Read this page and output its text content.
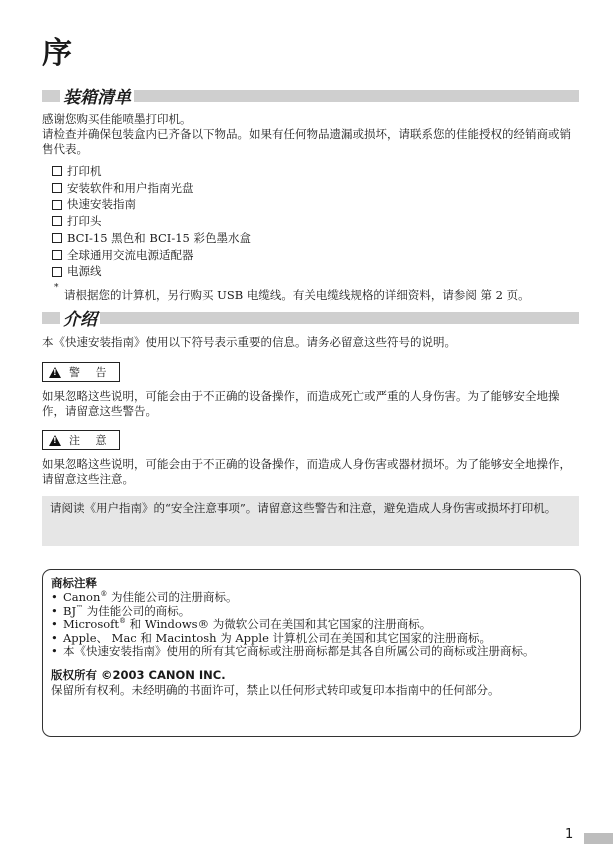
序
装箱清单
感谢您购买佳能喷墨打印机。
请检查并确保包装盒内已齐备以下物品。如果有任何物品遗漏或损坏，请联系您的佳能授权的经销商或销售代表。
打印机
安装软件和用户指南光盘
快速安装指南
打印头
BCI-15 黑色和 BCI-15 彩色墨水盒
全球通用交流电源适配器
电源线
* 请根据您的计算机，另行购买 USB 电缆线。有关电缆线规格的详细资料，请参阅 第 2 页。
介绍
本《快速安装指南》使用以下符号表示重要的信息。请务必留意这些符号的说明。
! 警 告
如果忽略这些说明，可能会由于不正确的设备操作，而造成死亡或严重的人身伤害。为了能够安全地操作，请留意这些警告。
! 注 意
如果忽略这些说明，可能会由于不正确的设备操作，而造成人身伤害或器材损坏。为了能够安全地操作，请留意这些注意。
请阅读《用户指南》的“安全注意事项”。请留意这些警告和注意，避免造成人身伤害或损坏打印机。
商标注释
• Canon® 为佳能公司的注册商标。
• BJ™ 为佳能公司的商标。
• Microsoft® 和 Windows® 为微软公司在美国和其它国家的注册商标。
• Apple、 Mac 和 Macintosh 为 Apple 计算机公司在美国和其它国家的注册商标。
• 本《快速安装指南》使用的所有其它商标或注册商标都是其各自所属公司的商标或注册商标。
版权所有 ©2003 CANON INC.
保留所有权利。未经明确的书面许可，禁止以任何形式转印或复印本指南中的任何部分。
1
